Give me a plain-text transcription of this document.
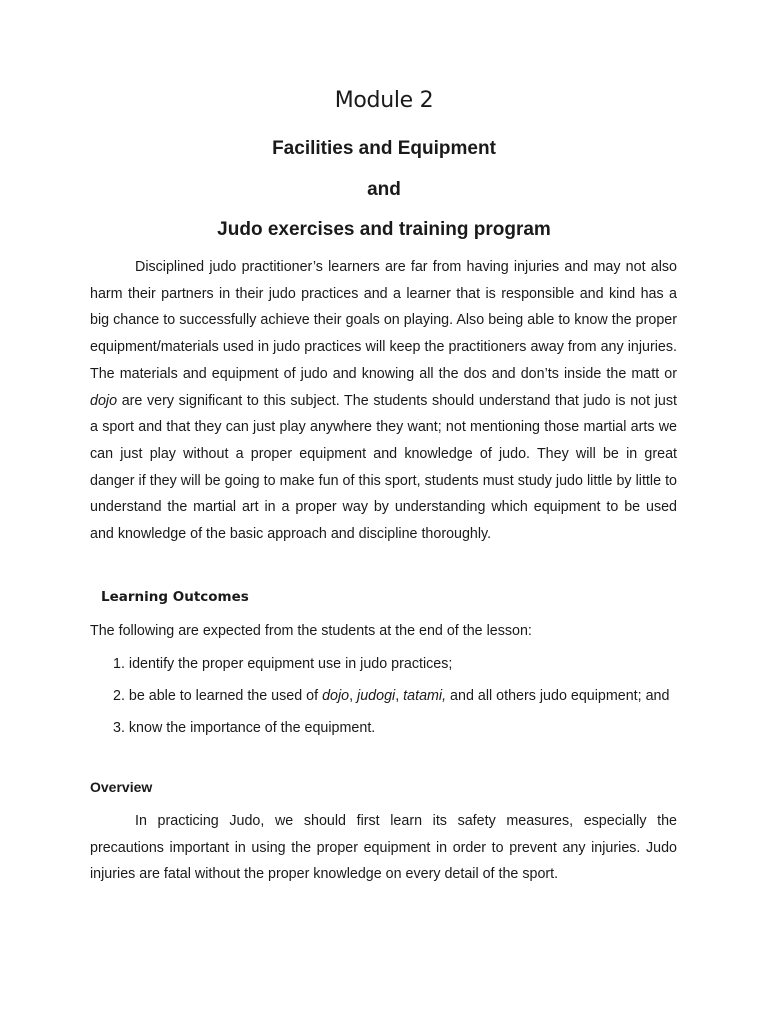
Module 2
Facilities and Equipment
and
Judo exercises and training program

Disciplined judo practitioner’s learners are far from having injuries and may not also harm their partners in their judo practices and a learner that is responsible and kind has a big chance to successfully achieve their goals on playing. Also being able to know the proper equipment/materials used in judo practices will keep the practitioners away from any injuries. The materials and equipment of judo and knowing all the dos and don’ts inside the matt or dojo are very significant to this subject. The students should understand that judo is not just a sport and that they can just play anywhere they want; not mentioning those martial arts we can just play without a proper equipment and knowledge of judo. They will be in great danger if they will be going to make fun of this sport, students must study judo little by little to understand the martial art in a proper way by understanding which equipment to be used and knowledge of the basic approach and discipline thoroughly.

Learning Outcomes

The following are expected from the students at the end of the lesson:

1. identify the proper equipment use in judo practices;
2. be able to learned the used of dojo, judogi, tatami, and all others judo equipment; and
3. know the importance of the equipment.
Overview

In practicing Judo, we should first learn its safety measures, especially the precautions important in using the proper equipment in order to prevent any injuries. Judo injuries are fatal without the proper knowledge on every detail of the sport.
